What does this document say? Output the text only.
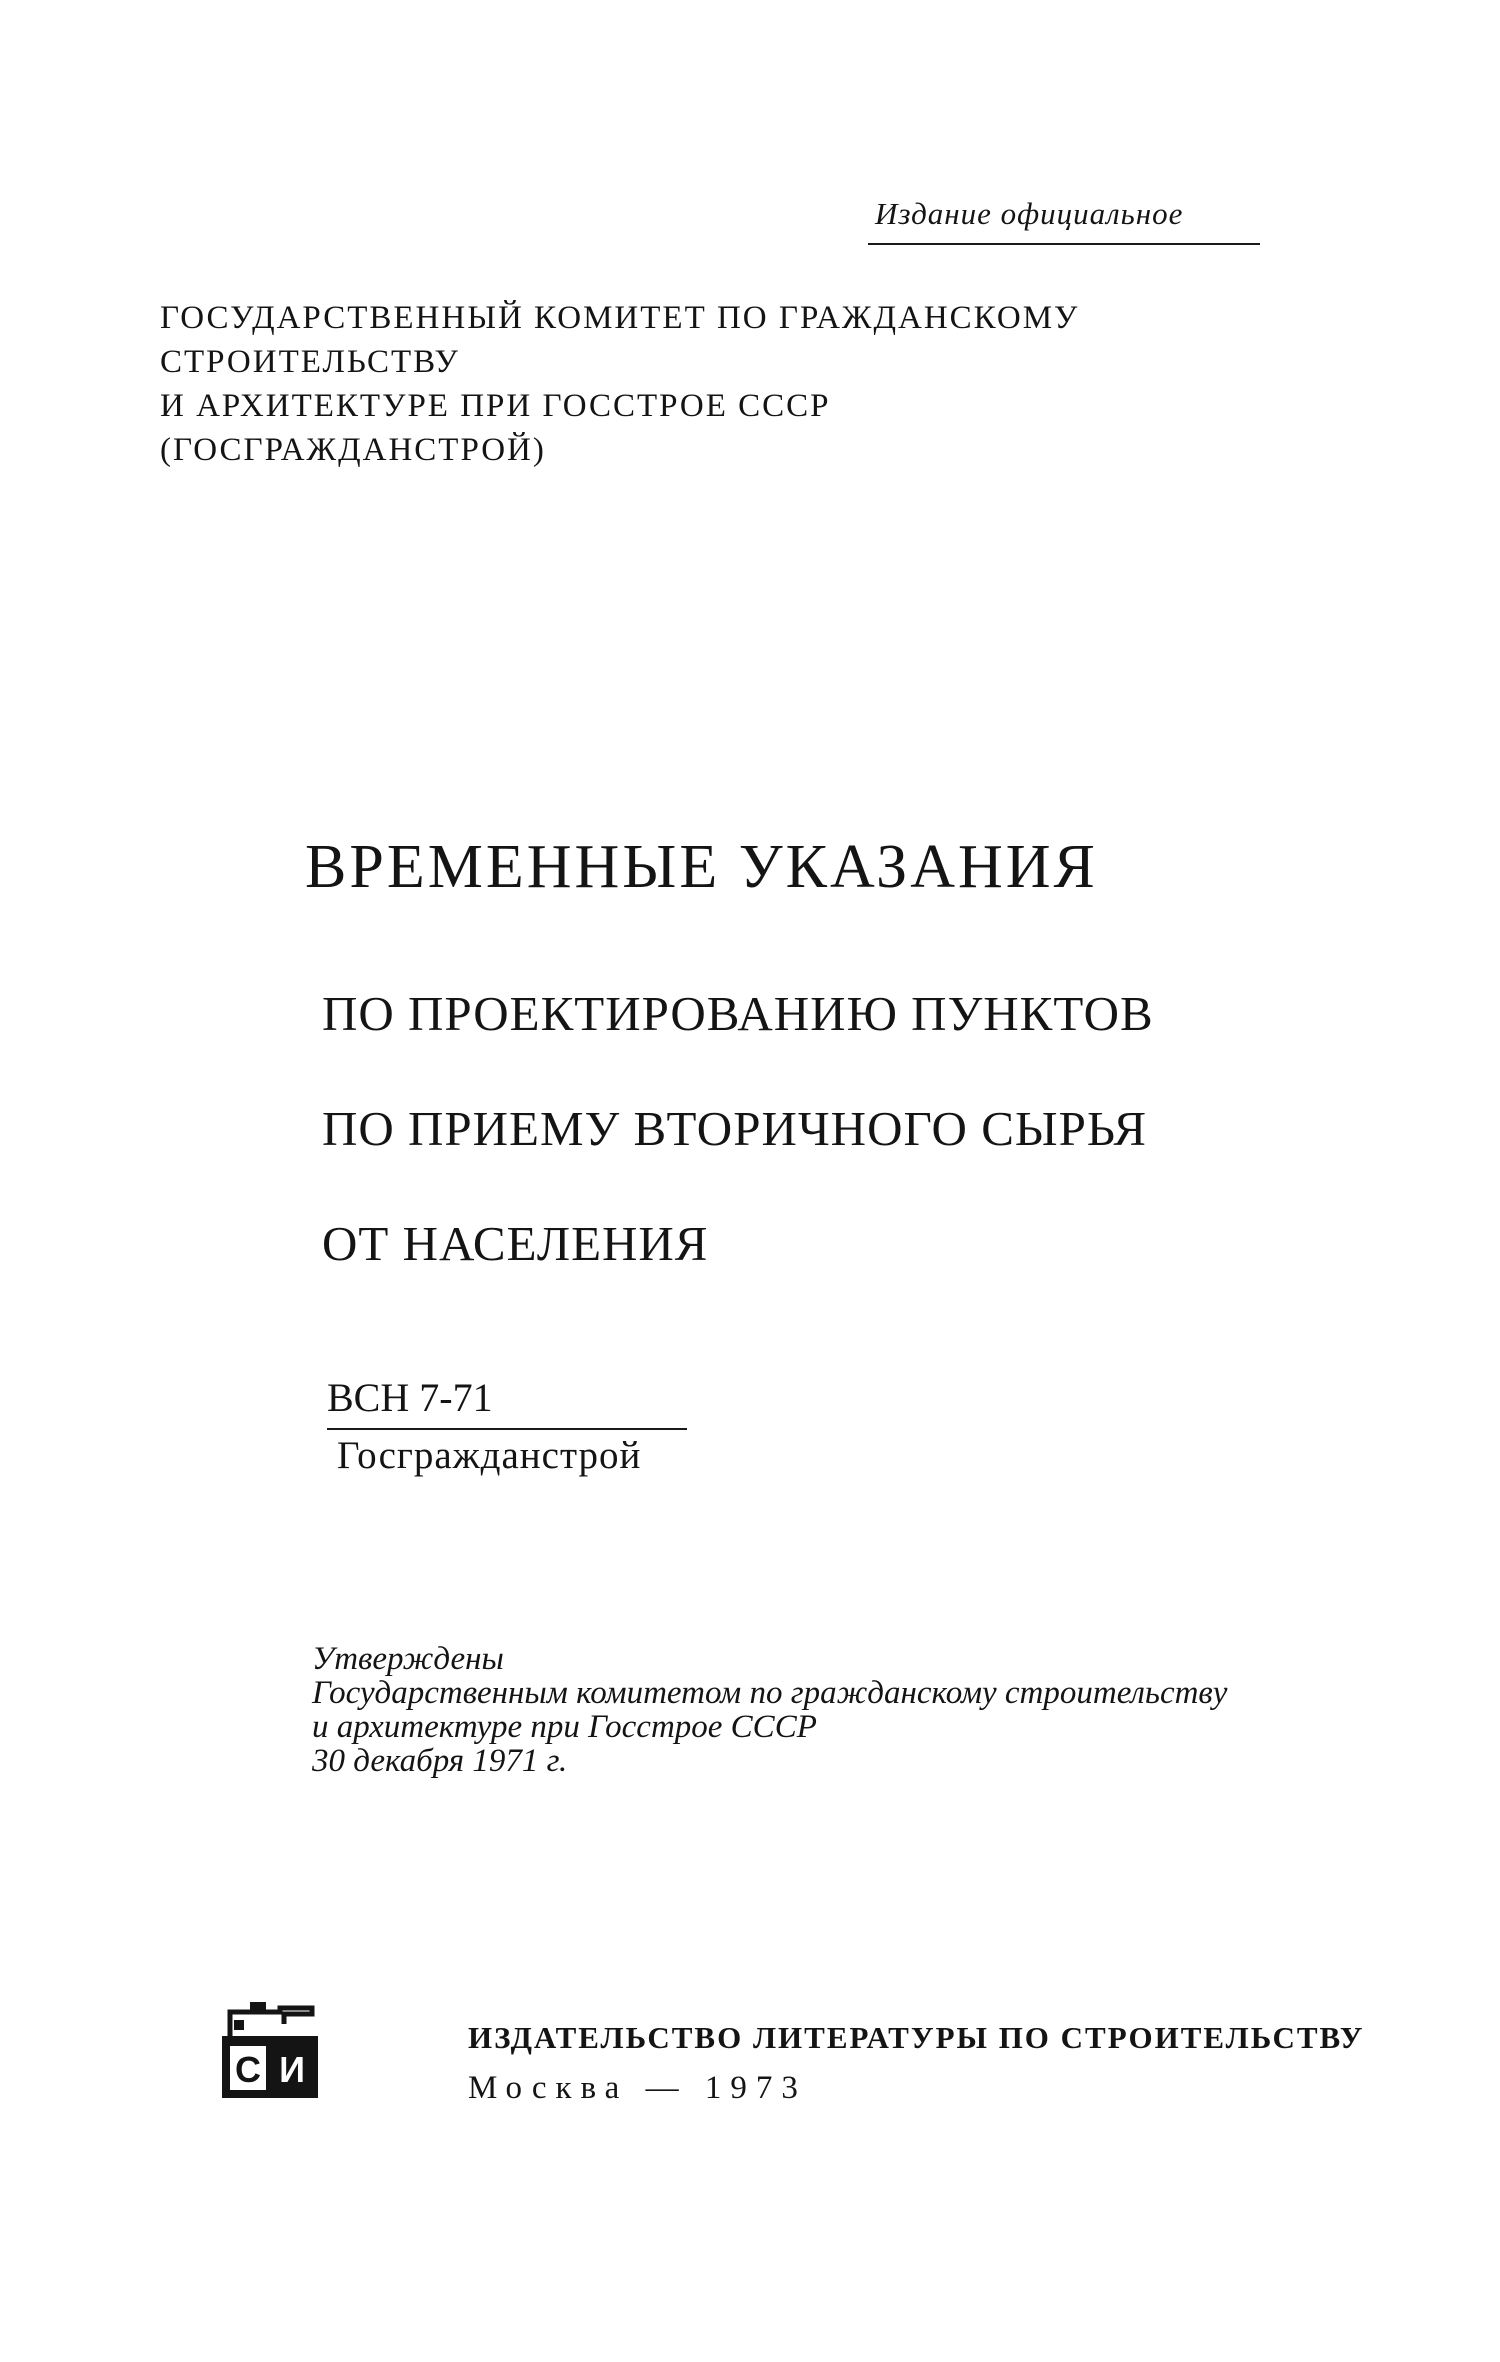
Издание официальное
ГОСУДАРСТВЕННЫЙ КОМИТЕТ ПО ГРАЖДАНСКОМУ
СТРОИТЕЛЬСТВУ
И АРХИТЕКТУРЕ ПРИ ГОССТРОЕ СССР
(ГОСГРАЖДАНСТРОЙ)
ВРЕМЕННЫЕ УКАЗАНИЯ
ПО ПРОЕКТИРОВАНИЮ ПУНКТОВ
ПО ПРИЕМУ ВТОРИЧНОГО СЫРЬЯ
ОТ НАСЕЛЕНИЯ
ВСН 7-71
Госгражданстрой
Утверждены
Государственным комитетом по гражданскому строительству
и архитектуре при Госстрое СССР
30 декабря 1971 г.
С И
ИЗДАТЕЛЬСТВО ЛИТЕРАТУРЫ ПО СТРОИТЕЛЬСТВУ
Москва — 1973
